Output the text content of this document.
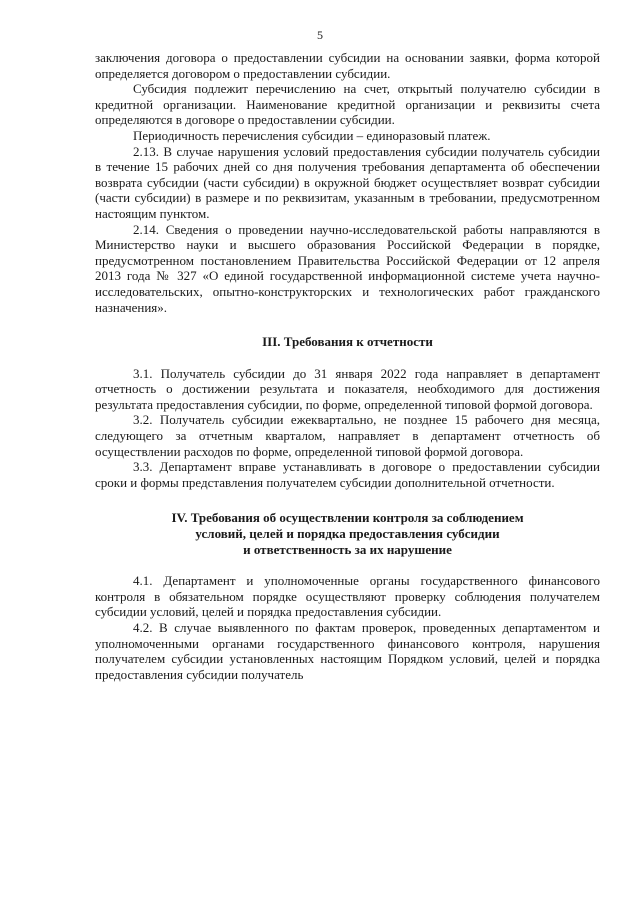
5

заключения договора о предоставлении субсидии на основании заявки, форма которой определяется договором о предоставлении субсидии.

Субсидия подлежит перечислению на счет, открытый получателю субсидии в кредитной организации. Наименование кредитной организации и реквизиты счета определяются в договоре о предоставлении субсидии.

Периодичность перечисления субсидии – единоразовый платеж.

2.13. В случае нарушения условий предоставления субсидии получатель субсидии в течение 15 рабочих дней со дня получения требования департамента об обеспечении возврата субсидии (части субсидии) в окружной бюджет осуществляет возврат субсидии (части субсидии) в размере и по реквизитам, указанным в требовании, предусмотренном настоящим пунктом.

2.14. Сведения о проведении научно-исследовательской работы направляются в Министерство науки и высшего образования Российской Федерации в порядке, предусмотренном постановлением Правительства Российской Федерации от 12 апреля 2013 года № 327 «О единой государственной информационной системе учета научно-исследовательских, опытно-конструкторских и технологических работ гражданского назначения».

III. Требования к отчетности

3.1. Получатель субсидии до 31 января 2022 года направляет в департамент отчетность о достижении результата и показателя, необходимого для достижения результата предоставления субсидии, по форме, определенной типовой формой договора.

3.2. Получатель субсидии ежеквартально, не позднее 15 рабочего дня месяца, следующего за отчетным кварталом, направляет в департамент отчетность об осуществлении расходов по форме, определенной типовой формой договора.

3.3. Департамент вправе устанавливать в договоре о предоставлении субсидии сроки и формы представления получателем субсидии дополнительной отчетности.

IV. Требования об осуществлении контроля за соблюдением
условий, целей и порядка предоставления субсидии
и ответственность за их нарушение

4.1. Департамент и уполномоченные органы государственного финансового контроля в обязательном порядке осуществляют проверку соблюдения получателем субсидии условий, целей и порядка предоставления субсидии.

4.2. В случае выявленного по фактам проверок, проведенных департаментом и уполномоченными органами государственного финансового контроля, нарушения получателем субсидии установленных настоящим Порядком условий, целей и порядка предоставления субсидии получатель
